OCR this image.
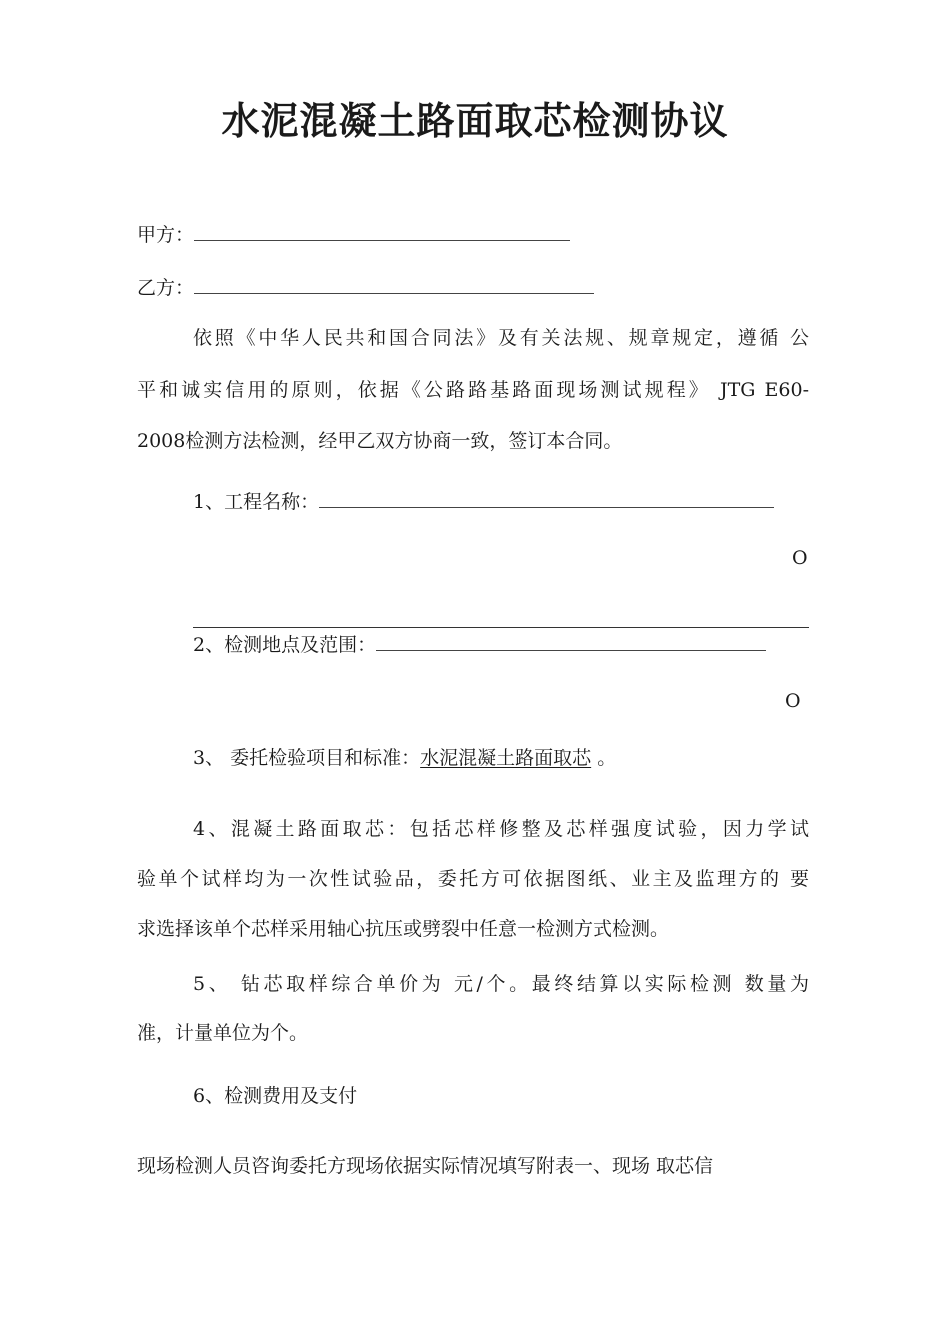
水泥混凝土路面取芯检测协议
甲方：
乙方：
依照《中华人民共和国合同法》及有关法规、规章规定，遵循 公
平和诚实信用的原则，依据《公路路基路面现场测试规程》 JTG E60-
2008检测方法检测，经甲乙双方协商一致，签订本合同。
1、工程名称：
O
2、检测地点及范围：
O
3、 委托检验项目和标准：水泥混凝土路面取芯 。
4、混凝土路面取芯：包括芯样修整及芯样强度试验，因力学试
验单个试样均为一次性试验品，委托方可依据图纸、业主及监理方的 要
求选择该单个芯样采用轴心抗压或劈裂中任意一检测方式检测。
5、 钻芯取样综合单价为 元/个。最终结算以实际检测 数量为
准，计量单位为个。
6、检测费用及支付
现场检测人员咨询委托方现场依据实际情况填写附表一、现场 取芯信
